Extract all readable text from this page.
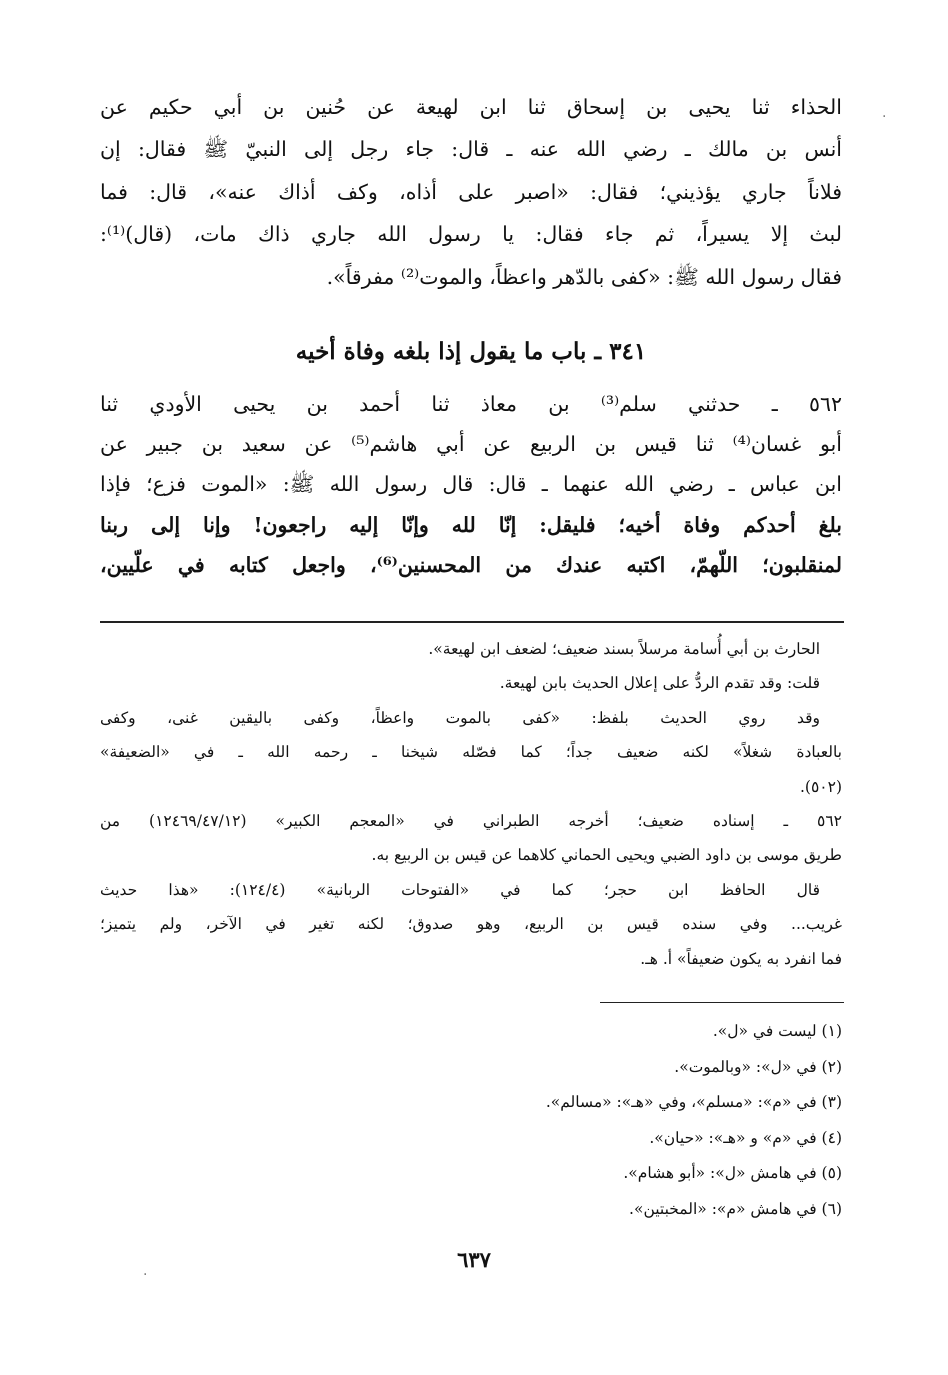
·
الحذاء ثنا يحيى بن إسحاق ثنا ابن لهيعة عن حُنين بن أبي حكيم عن
أنس بن مالك ـ رضي الله عنه ـ قال: جاء رجل إلى النبيّ ﷺ فقال: إن
فلاناً جاري يؤذيني؛ فقال: «اصبر على أذاه، وكف أذاك عنه»، قال: فما
لبث إلا يسيراً، ثم جاء فقال: يا رسول الله جاري ذاك مات، (قال)⁽¹⁾:
فقال رسول الله ﷺ: «كفى بالدّهر واعظاً، والموت⁽²⁾ مفرقاً».
٣٤١ ـ باب ما يقول إذا بلغه وفاة أخيه
٥٦٢ ـ حدثني سلم⁽³⁾ بن معاذ ثنا أحمد بن يحيى الأودي ثنا
أبو غسان⁽⁴⁾ ثنا قيس بن الربيع عن أبي هاشم⁽⁵⁾ عن سعيد بن جبير عن
ابن عباس ـ رضي الله عنهما ـ قال: قال رسول الله ﷺ: «الموت فزع؛ فإذا
بلغ أحدكم وفاة أخيه؛ فليقل: إنّا لله وإنّا إليه راجعون! وإنا إلى ربنا
لمنقلبون؛ اللّهمّ، اكتبه عندك من المحسنين⁽⁶⁾، واجعل كتابه في علّيين،
الحارث بن أبي أُسامة مرسلاً بسند ضعيف؛ لضعف ابن لهيعة».
قلت: وقد تقدم الردُّ على إعلال الحديث بابن لهيعة.
وقد روي الحديث بلفظ: «كفى بالموت واعظاً، وكفى باليقين غنى، وكفى
بالعبادة شغلاً» لكنه ضعيف جداً؛ كما فصّله شيخنا ـ رحمه الله ـ في «الضعيفة»
(٥٠٢).
٥٦٢ ـ إسناده ضعيف؛ أخرجه الطبراني في «المعجم الكبير» (١٢٤٦٩/٤٧/١٢) من
طريق موسى بن داود الضبي ويحيى الحماني كلاهما عن قيس بن الربيع به.
قال الحافظ ابن حجر؛ كما في «الفتوحات الربانية» (١٢٤/٤): «هذا حديث
غريب... وفي سنده قيس بن الربيع، وهو صدوق؛ لكنه تغير في الآخر، ولم يتميز؛
فما انفرد به يكون ضعيفاً» أ. هـ.
(١) ليست في «ل».
(٢) في «ل»: «وبالموت».
(٣) في «م»: «مسلم»، وفي «هـ»: «مسالم».
(٤) في «م» و «هـ»: «حيان».
(٥) في هامش «ل»: «أبو هشام».
(٦) في هامش «م»: «المخبتين».
٦٣٧
·
